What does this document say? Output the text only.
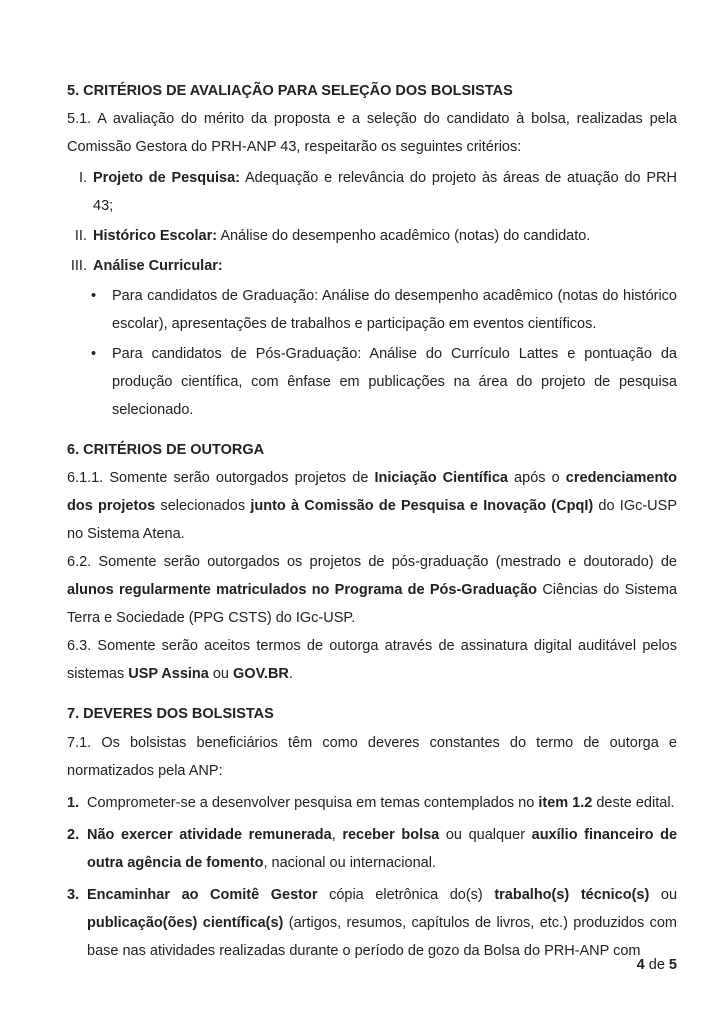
5. CRITÉRIOS DE AVALIAÇÃO PARA SELEÇÃO DOS BOLSISTAS

5.1. A avaliação do mérito da proposta e a seleção do candidato à bolsa, realizadas pela Comissão Gestora do PRH-ANP 43, respeitarão os seguintes critérios:

I. Projeto de Pesquisa: Adequação e relevância do projeto às áreas de atuação do PRH 43;
II. Histórico Escolar: Análise do desempenho acadêmico (notas) do candidato.
III. Análise Curricular:
•	Para candidatos de Graduação: Análise do desempenho acadêmico (notas do histórico escolar), apresentações de trabalhos e participação em eventos científicos.
•	Para candidatos de Pós-Graduação: Análise do Currículo Lattes e pontuação da produção científica, com ênfase em publicações na área do projeto de pesquisa selecionado.
6. CRITÉRIOS DE OUTORGA

6.1.1. Somente serão outorgados projetos de Iniciação Científica após o credenciamento dos projetos selecionados junto à Comissão de Pesquisa e Inovação (CpqI) do IGc-USP no Sistema Atena.

6.2. Somente serão outorgados os projetos de pós-graduação (mestrado e doutorado) de alunos regularmente matriculados no Programa de Pós-Graduação Ciências do Sistema Terra e Sociedade (PPG CSTS) do IGc-USP.

6.3. Somente serão aceitos termos de outorga através de assinatura digital auditável pelos sistemas USP Assina ou GOV.BR.

7. DEVERES DOS BOLSISTAS

7.1. Os bolsistas beneficiários têm como deveres constantes do termo de outorga e normatizados pela ANP:

1. Comprometer-se a desenvolver pesquisa em temas contemplados no item 1.2 deste edital.
2. Não exercer atividade remunerada, receber bolsa ou qualquer auxílio financeiro de outra agência de fomento, nacional ou internacional.
3. Encaminhar ao Comitê Gestor cópia eletrônica do(s) trabalho(s) técnico(s) ou publicação(ões) científica(s) (artigos, resumos, capítulos de livros, etc.) produzidos com base nas atividades realizadas durante o período de gozo da Bolsa do PRH-ANP com
4 de 5
